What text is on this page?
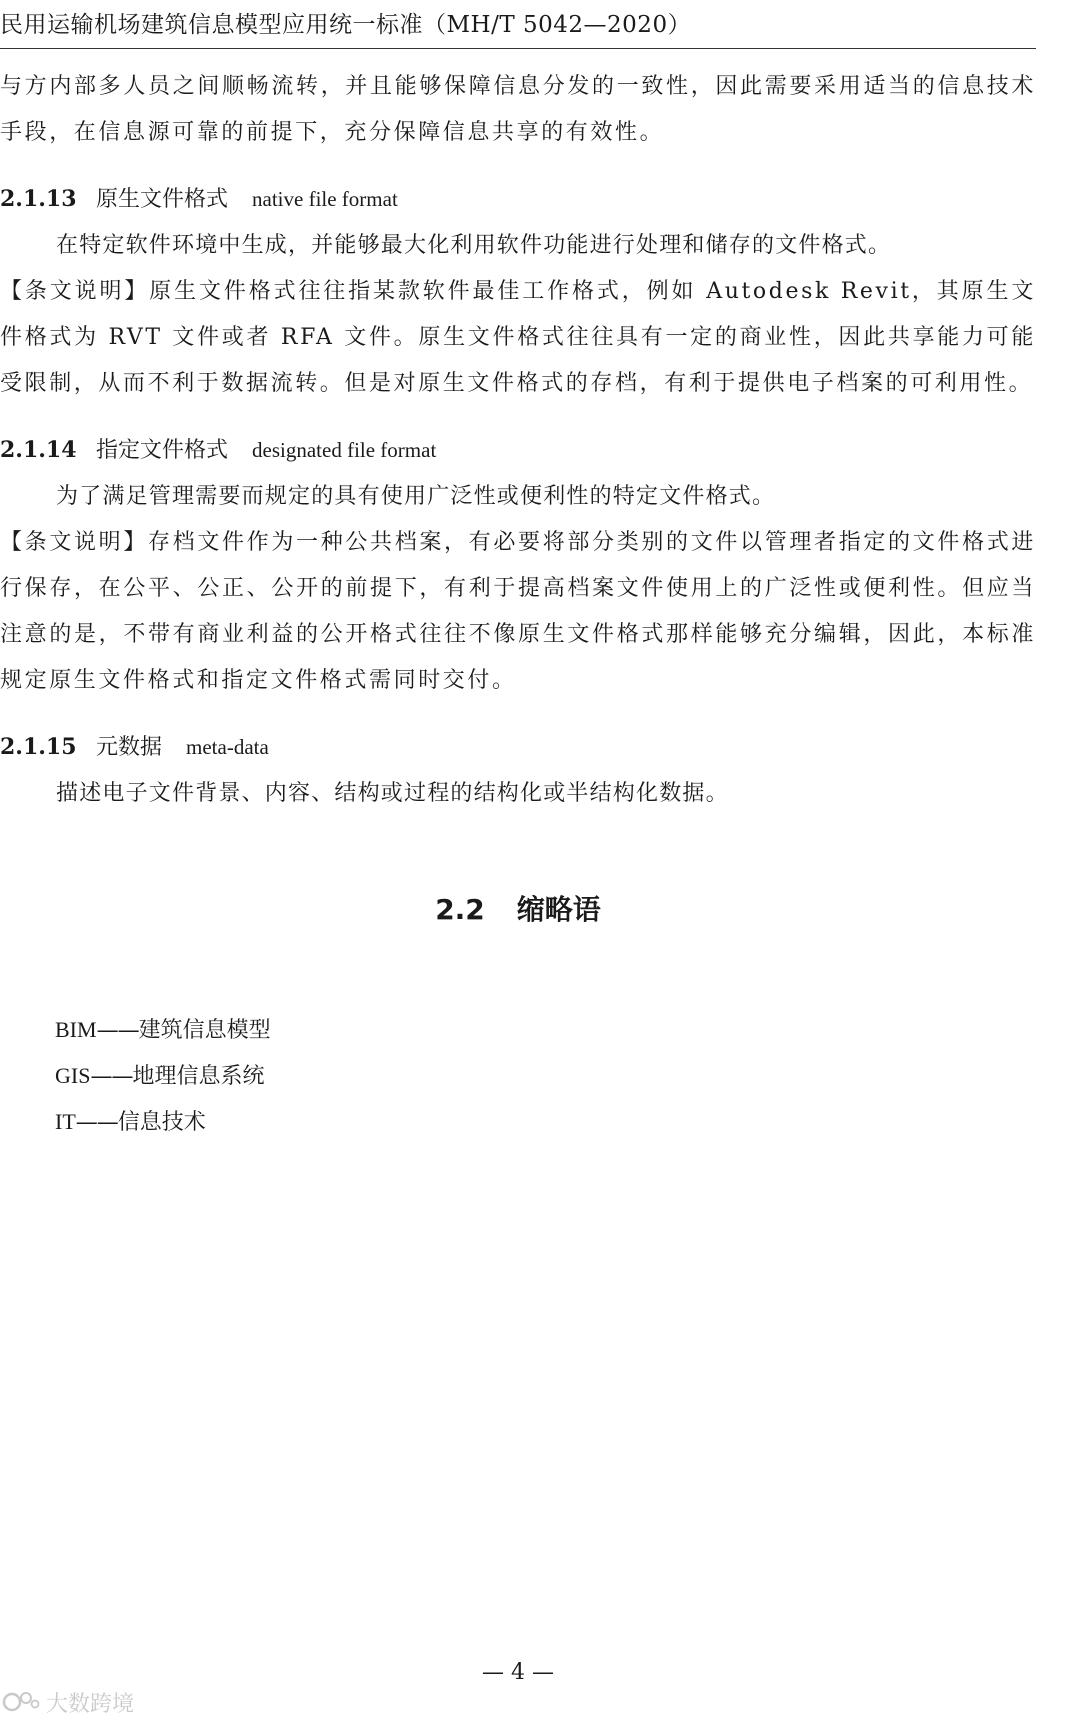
民用运输机场建筑信息模型应用统一标准（MH/T 5042—2020）

与方内部多人员之间顺畅流转，并且能够保障信息分发的一致性，因此需要采用适当的信息技术手段，在信息源可靠的前提下，充分保障信息共享的有效性。

2.1.13 原生文件格式 native file format

在特定软件环境中生成，并能够最大化利用软件功能进行处理和储存的文件格式。

【条文说明】原生文件格式往往指某款软件最佳工作格式，例如 Autodesk Revit，其原生文件格式为 RVT 文件或者 RFA 文件。原生文件格式往往具有一定的商业性，因此共享能力可能受限制，从而不利于数据流转。但是对原生文件格式的存档，有利于提供电子档案的可利用性。

2.1.14 指定文件格式 designated file format

为了满足管理需要而规定的具有使用广泛性或便利性的特定文件格式。

【条文说明】存档文件作为一种公共档案，有必要将部分类别的文件以管理者指定的文件格式进行保存，在公平、公正、公开的前提下，有利于提高档案文件使用上的广泛性或便利性。但应当注意的是，不带有商业利益的公开格式往往不像原生文件格式那样能够充分编辑，因此，本标准规定原生文件格式和指定文件格式需同时交付。

2.1.15 元数据 meta-data

描述电子文件背景、内容、结构或过程的结构化或半结构化数据。

2.2 缩略语
BIM——建筑信息模型
GIS——地理信息系统
IT——信息技术
— 4 —
大数跨境
